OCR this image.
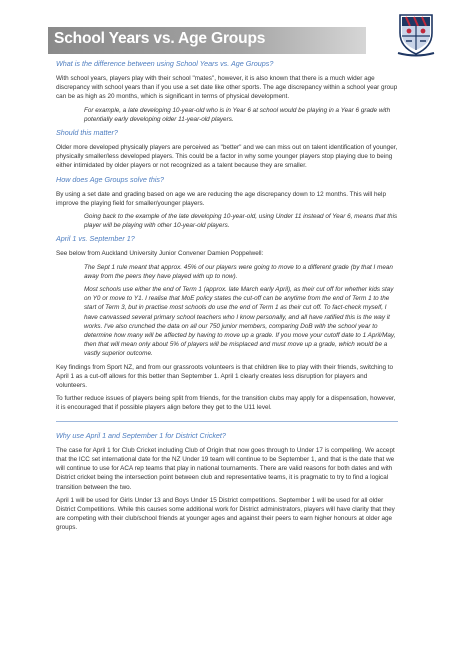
School Years vs. Age Groups
What is the difference between using School Years vs. Age Groups?
With school years, players play with their school "mates", however, it is also known that there is a much wider age discrepancy with school years than if you use a set date like other sports. The age discrepancy within a school year group can be as high as 20 months, which is significant in terms of physical development.
For example, a late developing 10-year-old who is in Year 6 at school would be playing in a Year 6 grade with potentially early developing older 11-year-old players.
Should this matter?
Older more developed physically players are perceived as "better" and we can miss out on talent identification of younger, physically smaller/less developed players. This could be a factor in why some younger players stop playing due to being either intimidated by older players or not recognized as a talent because they are smaller.
How does Age Groups solve this?
By using a set date and grading based on age we are reducing the age discrepancy down to 12 months. This will help improve the playing field for smaller/younger players.
Going back to the example of the late developing 10-year-old, using Under 11 instead of Year 6, means that this player will be playing with other 10-year-old players.
April 1 vs. September 1?
See below from Auckland University Junior Convener Damien Poppelwell:
The Sept 1 rule meant that approx. 45% of our players were going to move to a different grade (by that I mean away from the peers they have played with up to now).
Most schools use either the end of Term 1 (approx. late March early April), as their cut off for whether kids stay on Y0 or move to Y1. I realise that MoE policy states the cut-off can be anytime from the end of Term 1 to the start of Term 3, but in practise most schools do use the end of Term 1 as their cut off. To fact-check myself, I have canvassed several primary school teachers who I know personally, and all have ratified this is the way it works. I've also crunched the data on all our 750 junior members, comparing DoB with the school year to determine how many will be affected by having to move up a grade. If you move your cutoff date to 1 April/May, then that will mean only about 5% of players will be misplaced and must move up a grade, which would be a vastly superior outcome.
Key findings from Sport NZ, and from our grassroots volunteers is that children like to play with their friends, switching to April 1 as a cut-off allows for this better than September 1. April 1 clearly creates less disruption for players and volunteers.
To further reduce issues of players being split from friends, for the transition clubs may apply for a dispensation, however, it is encouraged that if possible players align before they get to the U11 level.
Why use April 1 and September 1 for District Cricket?
The case for April 1 for Club Cricket including Club of Origin that now goes through to Under 17 is compelling. We accept that the ICC set international date for the NZ Under 19 team will continue to be September 1, and that is the date that we will continue to use for ACA rep teams that play in national tournaments. There are valid reasons for both dates and with District cricket being the intersection point between club and representative teams, it is pragmatic to try to find a logical transition between the two.
April 1 will be used for Girls Under 13 and Boys Under 15 District competitions. September 1 will be used for all older District Competitions. While this causes some additional work for District administrators, players will have clarity that they are competing with their club/school friends at younger ages and against their peers to earn higher honours at older age groups.
